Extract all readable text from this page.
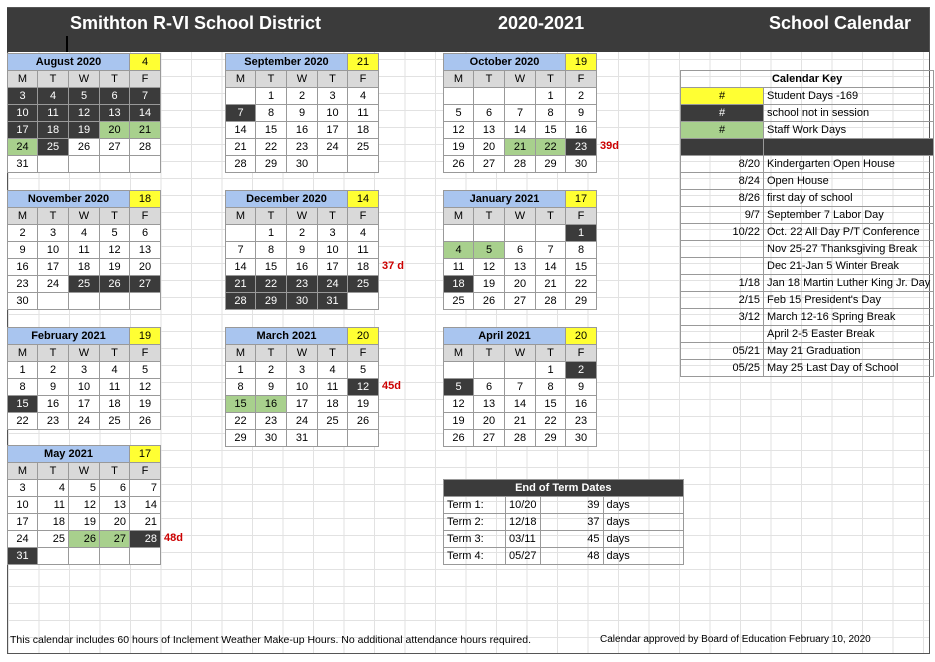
Smithton R-VI School District	2020-2021	School Calendar
August 2020				4
M	T	W	T	F
3	4	5	6	7
10	11	12	13	14
17	18	19	20	21
24	25	26	27	28
31				
September 2020				21
M	T	W	T	F
	1	2	3	4
7	8	9	10	11
14	15	16	17	18
21	22	23	24	25
28	29	30		
October 2020				19
M	T	W	T	F
			1	2
5	6	7	8	9
12	13	14	15	16
19	20	21	22	23
26	27	28	29	30
39d
November 2020				18
M	T	W	T	F
2	3	4	5	6
9	10	11	12	13
16	17	18	19	20
23	24	25	26	27
30				
December 2020				14
M	T	W	T	F
	1	2	3	4
7	8	9	10	11
14	15	16	17	18
21	22	23	24	25
28	29	30	31	
37 d
January 2021				17
M	T	W	T	F
				1
4	5	6	7	8
11	12	13	14	15
18	19	20	21	22
25	26	27	28	29
February 2021				19
M	T	W	T	F
1	2	3	4	5
8	9	10	11	12
15	16	17	18	19
22	23	24	25	26
March 2021				20
M	T	W	T	F
1	2	3	4	5
8	9	10	11	12
15	16	17	18	19
22	23	24	25	26
29	30	31		
45d
April 2021				20
M	T	W	T	F
			1	2
5	6	7	8	9
12	13	14	15	16
19	20	21	22	23
26	27	28	29	30
May 2021				17
M	T	W	T	F
3	4	5	6	7
10	11	12	13	14
17	18	19	20	21
24	25	26	27	28
31				
48d
Calendar Key	
#	Student Days -169
#	school not in session
#	Staff Work Days

8/20	Kindergarten Open House
8/24	Open House
8/26	first day of school
9/7	September 7 Labor Day
10/22	Oct. 22 All Day P/T Conference
	Nov 25-27 Thanksgiving Break
	Dec 21-Jan 5 Winter Break
1/18	Jan 18 Martin Luther King Jr. Day
2/15	Feb 15 President's Day
3/12	March 12-16 Spring Break
	April 2-5 Easter Break
05/21	May 21 Graduation
05/25	May 25 Last Day of School
End of Term Dates			
Term 1:	10/20	39	days
Term 2:	12/18	37	days
Term 3:	03/11	45	days
Term 4:	05/27	48	days
This calendar includes 60 hours of Inclement Weather Make-up Hours. No additional attendance hours required.	Calendar approved by Board of Education February 10, 2020
